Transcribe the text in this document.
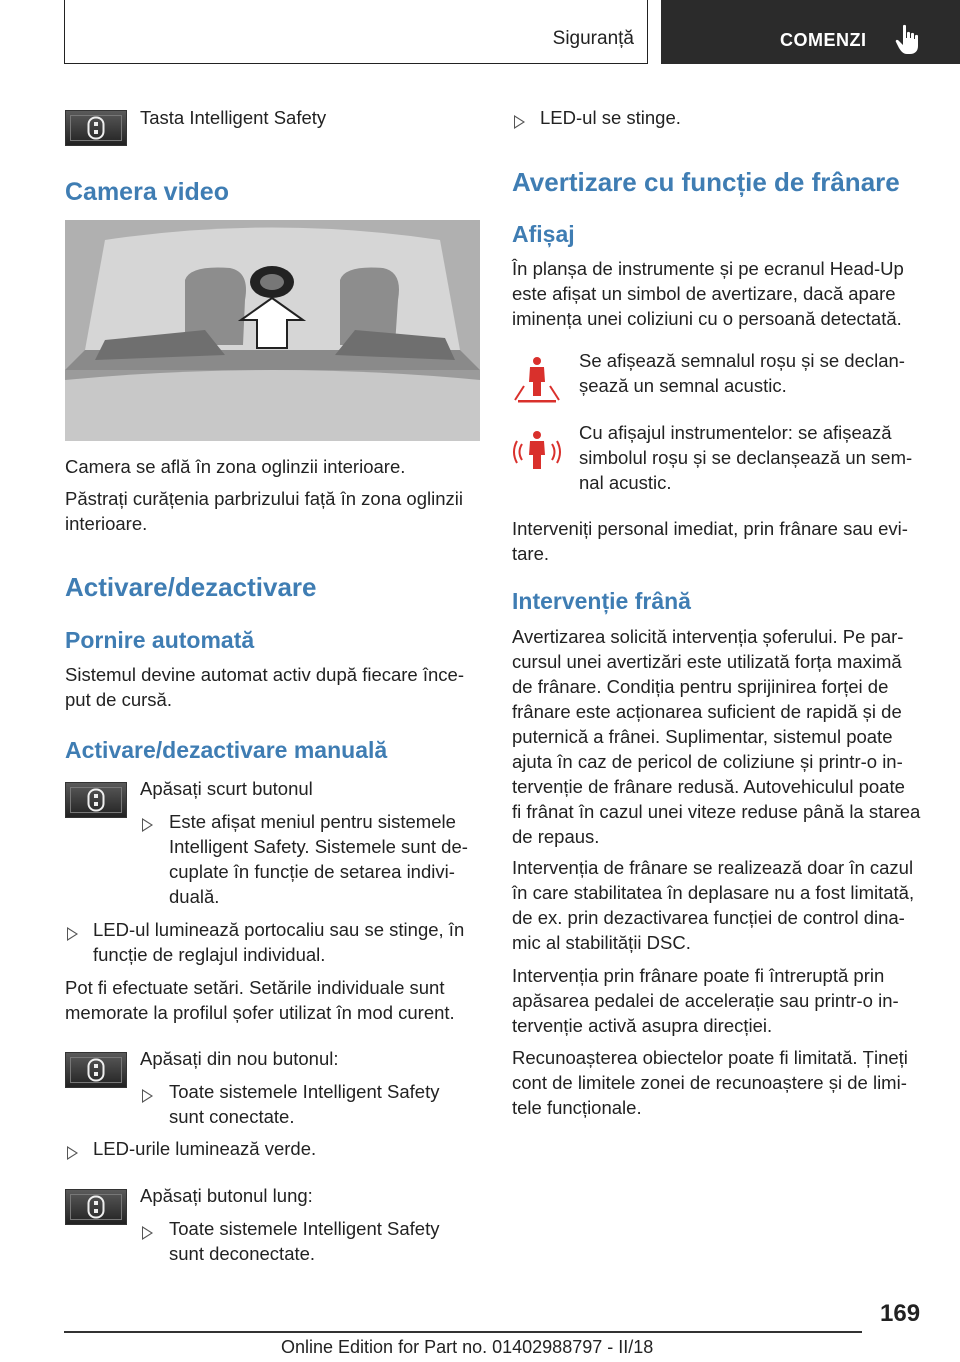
Siguranță	COMENZI
Tasta Intelligent Safety
Camera video
Camera se află în zona oglinzii interioare.
Păstrați curățenia parbrizului față în zona oglinzii
interioare.
Activare/dezactivare
Pornire automată
Sistemul devine automat activ după fiecare înce-
put de cursă.
Activare/dezactivare manuală
Apăsați scurt butonul
Este afișat meniul pentru sistemele
Intelligent Safety. Sistemele sunt de-
cuplate în funcție de setarea indivi-
duală.
LED-ul luminează portocaliu sau se stinge, în
funcție de reglajul individual.
Pot fi efectuate setări. Setările individuale sunt
memorate la profilul șofer utilizat în mod curent.
Apăsați din nou butonul:
Toate sistemele Intelligent Safety
sunt conectate.
LED-urile luminează verde.
Apăsați butonul lung:
Toate sistemele Intelligent Safety
sunt deconectate.
LED-ul se stinge.
Avertizare cu funcție de frânare
Afișaj
În planșa de instrumente și pe ecranul Head-Up
este afișat un simbol de avertizare, dacă apare
iminența unei coliziuni cu o persoană detectată.
Se afișează semnalul roșu și se declan-
șează un semnal acustic.
Cu afișajul instrumentelor: se afișează
simbolul roșu și se declanșează un sem-
nal acustic.
Interveniți personal imediat, prin frânare sau evi-
tare.
Intervenție frână
Avertizarea solicită intervenția șoferului. Pe par-
cursul unei avertizări este utilizată forța maximă
de frânare. Condiția pentru sprijinirea forței de
frânare este acționarea suficient de rapidă și de
puternică a frânei. Suplimentar, sistemul poate
ajuta în caz de pericol de coliziune și printr-o in-
tervenție de frânare redusă. Autovehiculul poate
fi frânat în cazul unei viteze reduse până la starea
de repaus.
Intervenția de frânare se realizează doar în cazul
în care stabilitatea în deplasare nu a fost limitată,
de ex. prin dezactivarea funcției de control dina-
mic al stabilității DSC.
Intervenția prin frânare poate fi întreruptă prin
apăsarea pedalei de accelerație sau printr-o in-
tervenție activă asupra direcției.
Recunoașterea obiectelor poate fi limitată. Țineți
cont de limitele zonei de recunoaștere și de limi-
tele funcționale.
169
Online Edition for Part no. 01402988797 - II/18
